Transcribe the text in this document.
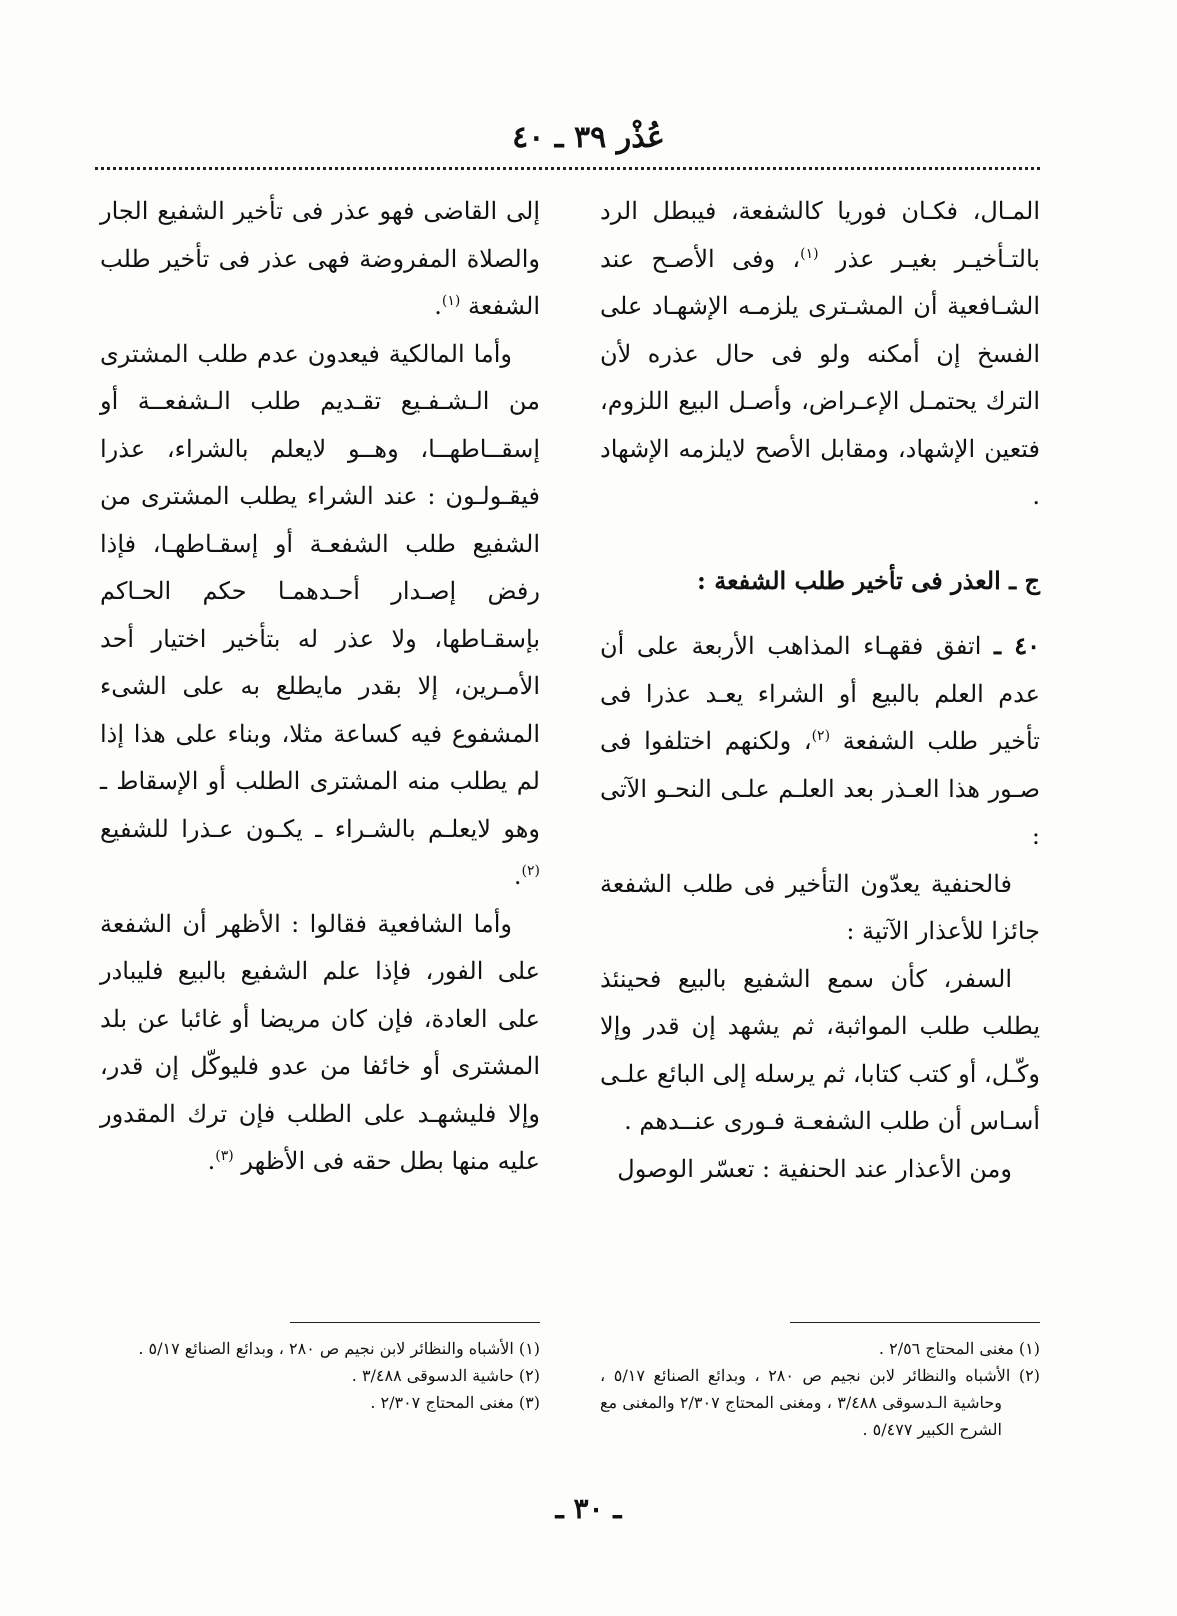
عُذْر ٣٩ ـ ٤٠

المـال، فكـان فوريا كالشفعة، فيبطل الرد بالتـأخيـر بغيـر عذر $^{(١)}$، وفى الأصـح عند الشـافعية أن المشـترى يلزمـه الإشهـاد على الفسخ إن أمكنه ولو فى حال عذره لأن الترك يحتمـل الإعـراض، وأصـل البيع اللزوم، فتعين الإشهاد، ومقابل الأصح لايلزمه الإشهاد .

ج ـ العذر فى تأخير طلب الشفعة :

٤٠ ـ اتفق فقهـاء المذاهب الأربعة على أن عدم العلم بالبيع أو الشراء يعـد عذرا فى تأخير طلب الشفعة $^{(٢)}$، ولكنهم اختلفوا فى صـور هذا العـذر بعد العلـم علـى النحـو الآتى :

فالحنفية يعدّون التأخير فى طلب الشفعة جائزا للأعذار الآتية :

السفر، كأن سمع الشفيع بالبيع فحينئذ يطلب طلب المواثبة، ثم يشهد إن قدر وإلا وكّـل، أو كتب كتابا، ثم يرسله إلى البائع علـى أسـاس أن طلب الشفعـة فـورى عنــدهم .

ومن الأعذار عند الحنفية : تعسّر الوصول

إلى القاضى فهو عذر فى تأخير الشفيع الجار والصلاة المفروضة فهى عذر فى تأخير طلب الشفعة $^{(١)}$.

وأما المالكية فيعدون عدم طلب المشترى من الـشـفـيع تقـديم طلب الـشفعــة أو إسقــاطهــا، وهــو لايعلم بالشراء، عذرا فيقـولـون : عند الشراء يطلب المشترى من الشفيع طلب الشفعـة أو إسقـاطهـا، فإذا رفض إصـدار أحـدهمـا حكم الحـاكم بإسقـاطها، ولا عذر له بتأخير اختيار أحد الأمـرين، إلا بقدر مايطلع به على الشىء المشفوع فيه كساعة مثلا، وبناء على هذا إذا لم يطلب منه المشترى الطلب أو الإسقاط ـ وهو لايعلـم بالشـراء ـ يكـون عـذرا للشفيع $^{(٢)}$.

وأما الشافعية فقالوا : الأظهر أن الشفعة على الفور، فإذا علم الشفيع بالبيع فليبادر على العادة، فإن كان مريضا أو غائبا عن بلد المشترى أو خائفا من عدو فليوكّل إن قدر، وإلا فليشهـد على الطلب فإن ترك المقدور عليه منها بطل حقه فى الأظهر $^{(٣)}$.

(١) مغنى المحتاج ٢/٥٦ .
(٢) الأشباه والنظائر لابن نجيم ص ٢٨٠ ، وبدائع الصنائع ٥/١٧ ، وحاشية الـدسوقى ٣/٤٨٨ ، ومغنى المحتاج ٢/٣٠٧ والمغنى مع الشرح الكبير ٥/٤٧٧ .
(١) الأشباه والنظائر لابن نجيم ص ٢٨٠ ، وبدائع الصنائع ٥/١٧ .
(٢) حاشية الدسوقى ٣/٤٨٨ .
(٣) مغنى المحتاج ٢/٣٠٧ .
ـ ٣٠ ـ
